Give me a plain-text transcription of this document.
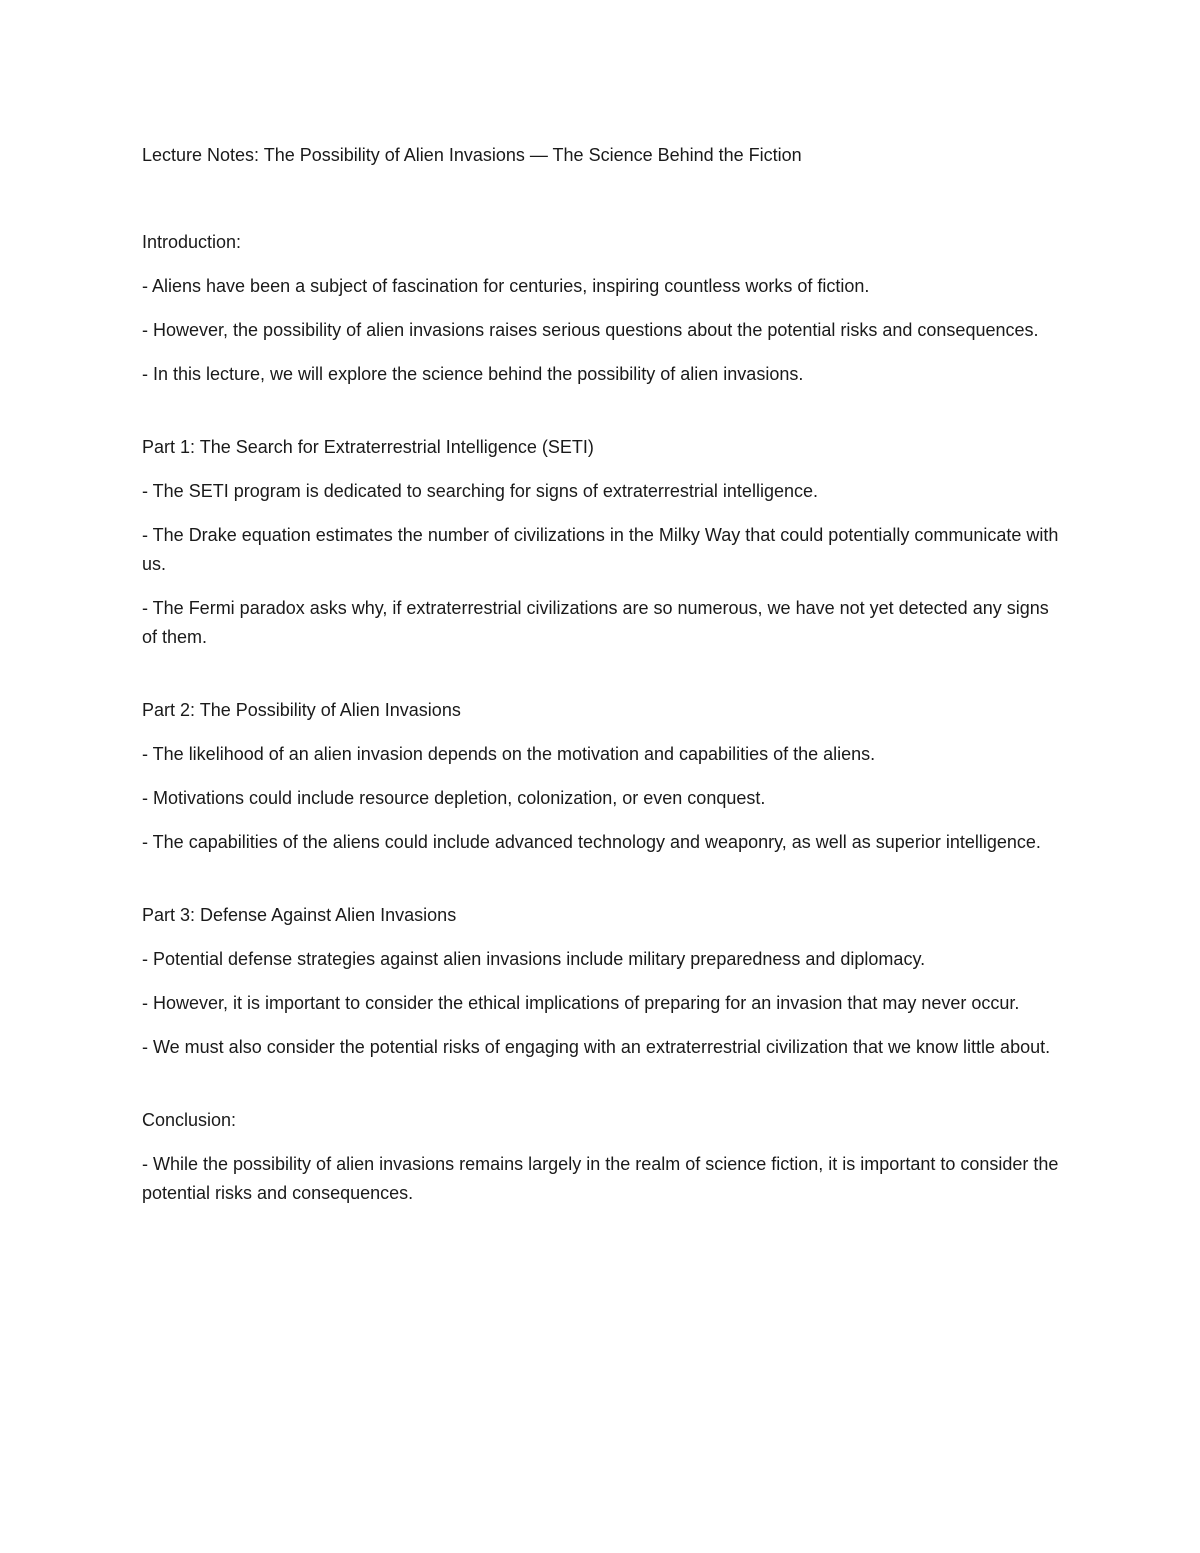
Lecture Notes: The Possibility of Alien Invasions — The Science Behind the Fiction

Introduction:

- Aliens have been a subject of fascination for centuries, inspiring countless works of fiction.

- However, the possibility of alien invasions raises serious questions about the potential risks and consequences.

- In this lecture, we will explore the science behind the possibility of alien invasions.

Part 1: The Search for Extraterrestrial Intelligence (SETI)

- The SETI program is dedicated to searching for signs of extraterrestrial intelligence.

- The Drake equation estimates the number of civilizations in the Milky Way that could potentially communicate with us.

- The Fermi paradox asks why, if extraterrestrial civilizations are so numerous, we have not yet detected any signs of them.

Part 2: The Possibility of Alien Invasions

- The likelihood of an alien invasion depends on the motivation and capabilities of the aliens.

- Motivations could include resource depletion, colonization, or even conquest.

- The capabilities of the aliens could include advanced technology and weaponry, as well as superior intelligence.

Part 3: Defense Against Alien Invasions

- Potential defense strategies against alien invasions include military preparedness and diplomacy.

- However, it is important to consider the ethical implications of preparing for an invasion that may never occur.

- We must also consider the potential risks of engaging with an extraterrestrial civilization that we know little about.

Conclusion:

- While the possibility of alien invasions remains largely in the realm of science fiction, it is important to consider the potential risks and consequences.
